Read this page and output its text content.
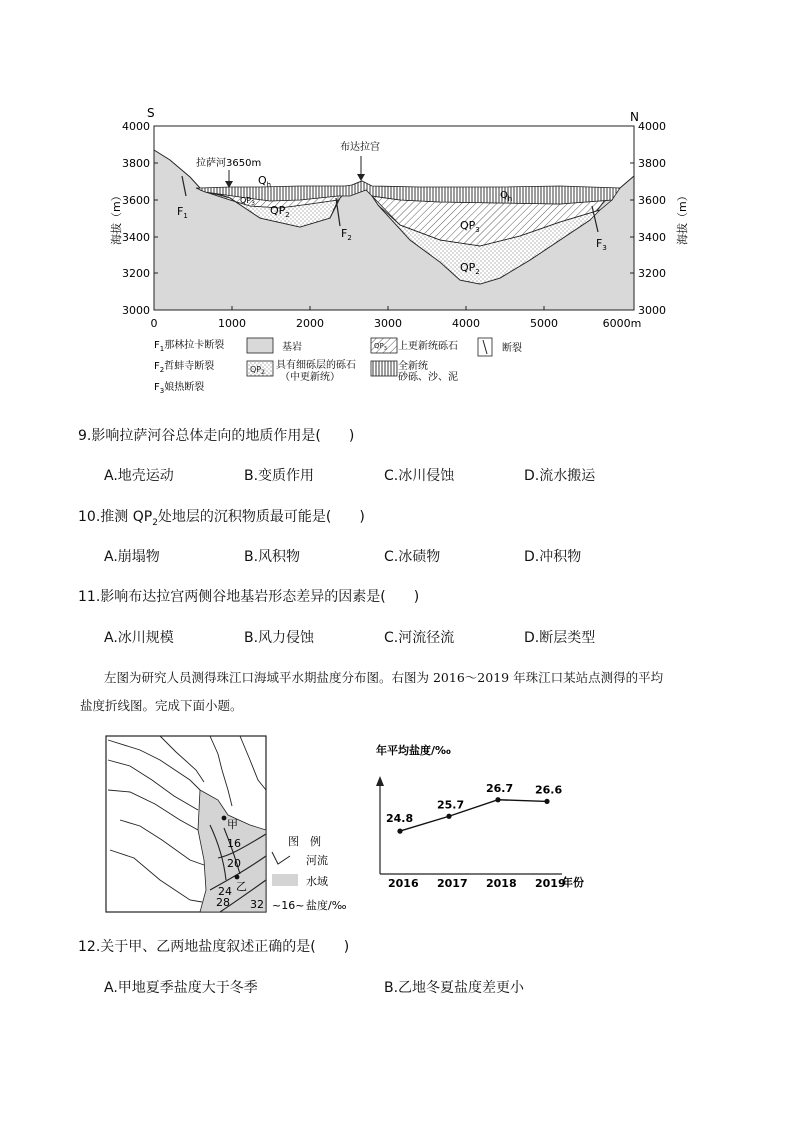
S	N
4000
3800
3600
3400
3200
3000
4000
3800
3600
3400
3200
3000
海拔（m）	海拔（m）
0	1000	2000	3000	4000	5000	6000m
拉萨河3650m
布达拉宫
$Q_h$
$Q_h$
$QP_3$
$QP_2$
$QP_3$
$QP_2$
$F_1$
$F_2$	$F_3$
$F_1$那林拉卡断裂
$F_2$哲蚌寺断裂
$F_3$娘热断裂
基岩	$QP_3$ 上更新统砾石	断裂
$QP_2$
具有细砾层的砾石
（中更新统）
全新统
砂砾、沙、泥
9.影响拉萨河谷总体走向的地质作用是(　　)
A.地壳运动	B.变质作用	C.冰川侵蚀	D.流水搬运
10.推测 $QP_2$处地层的沉积物质最可能是(　　)
A.崩塌物	B.风积物	C.冰碛物	D.冲积物
11.影响布达拉宫两侧谷地基岩形态差异的因素是(　　)
A.冰川规模	B.风力侵蚀	C.河流径流	D.断层类型
左图为研究人员测得珠江口海域平水期盐度分布图。右图为 2016～2019 年珠江口某站点测得的平均
盐度折线图。完成下面小题。
甲
乙
16
20
24
28 32
图　例
河流
水域
~16~ 盐度/‰
年平均盐度/‰
24.8
2016
25.7
2017
26.7
2018
26.6
2019
年份
12.关于甲、乙两地盐度叙述正确的是(　　)
A.甲地夏季盐度大于冬季	B.乙地冬夏盐度差更小
